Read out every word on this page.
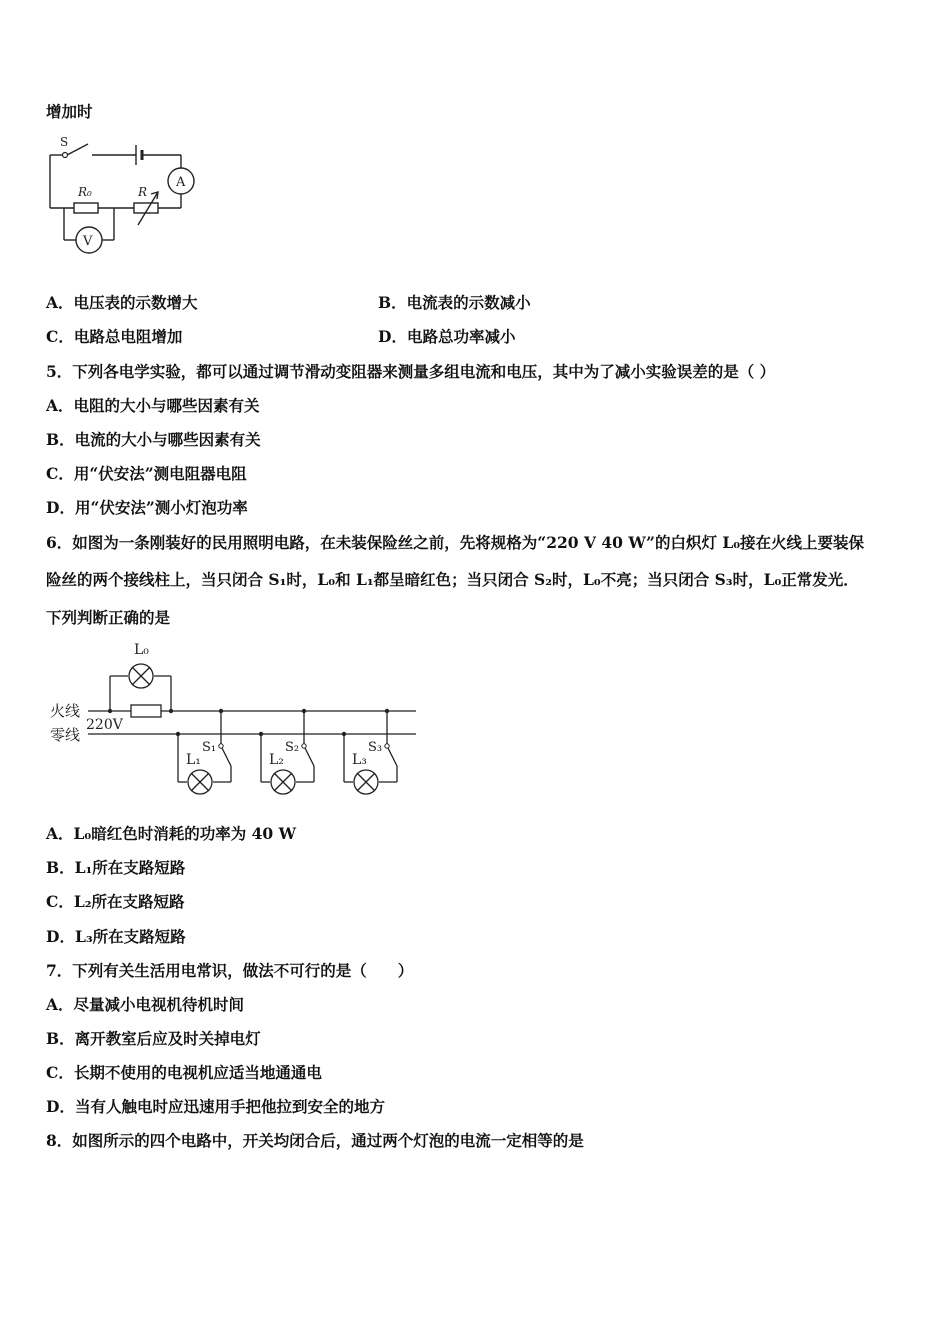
增加时
S
A
V
R₀	R
A．电压表的示数增大	B．电流表的示数减小
C．电路总电阻增加	D．电路总功率减小
5．下列各电学实验，都可以通过调节滑动变阻器来测量多组电流和电压，其中为了减小实验误差的是（ ）
A．电阻的大小与哪些因素有关
B．电流的大小与哪些因素有关
C．用“伏安法”测电阻器电阻
D．用“伏安法”测小灯泡功率
6．如图为一条刚装好的民用照明电路，在未装保险丝之前，先将规格为“220 V 40 W”的白炽灯 L₀接在火线上要装保
险丝的两个接线柱上，当只闭合 S₁时，L₀和 L₁都呈暗红色；当只闭合 S₂时，L₀不亮；当只闭合 S₃时，L₀正常发光．
下列判断正确的是
L₀
火线
零线
220V
S₁
L₁
S₂
L₂
S₃
L₃
A．L₀暗红色时消耗的功率为 40 W
B．L₁所在支路短路
C．L₂所在支路短路
D．L₃所在支路短路
7．下列有关生活用电常识，做法不可行的是（　　）
A．尽量减小电视机待机时间
B．离开教室后应及时关掉电灯
C．长期不使用的电视机应适当地通通电
D．当有人触电时应迅速用手把他拉到安全的地方
8．如图所示的四个电路中，开关均闭合后，通过两个灯泡的电流一定相等的是
